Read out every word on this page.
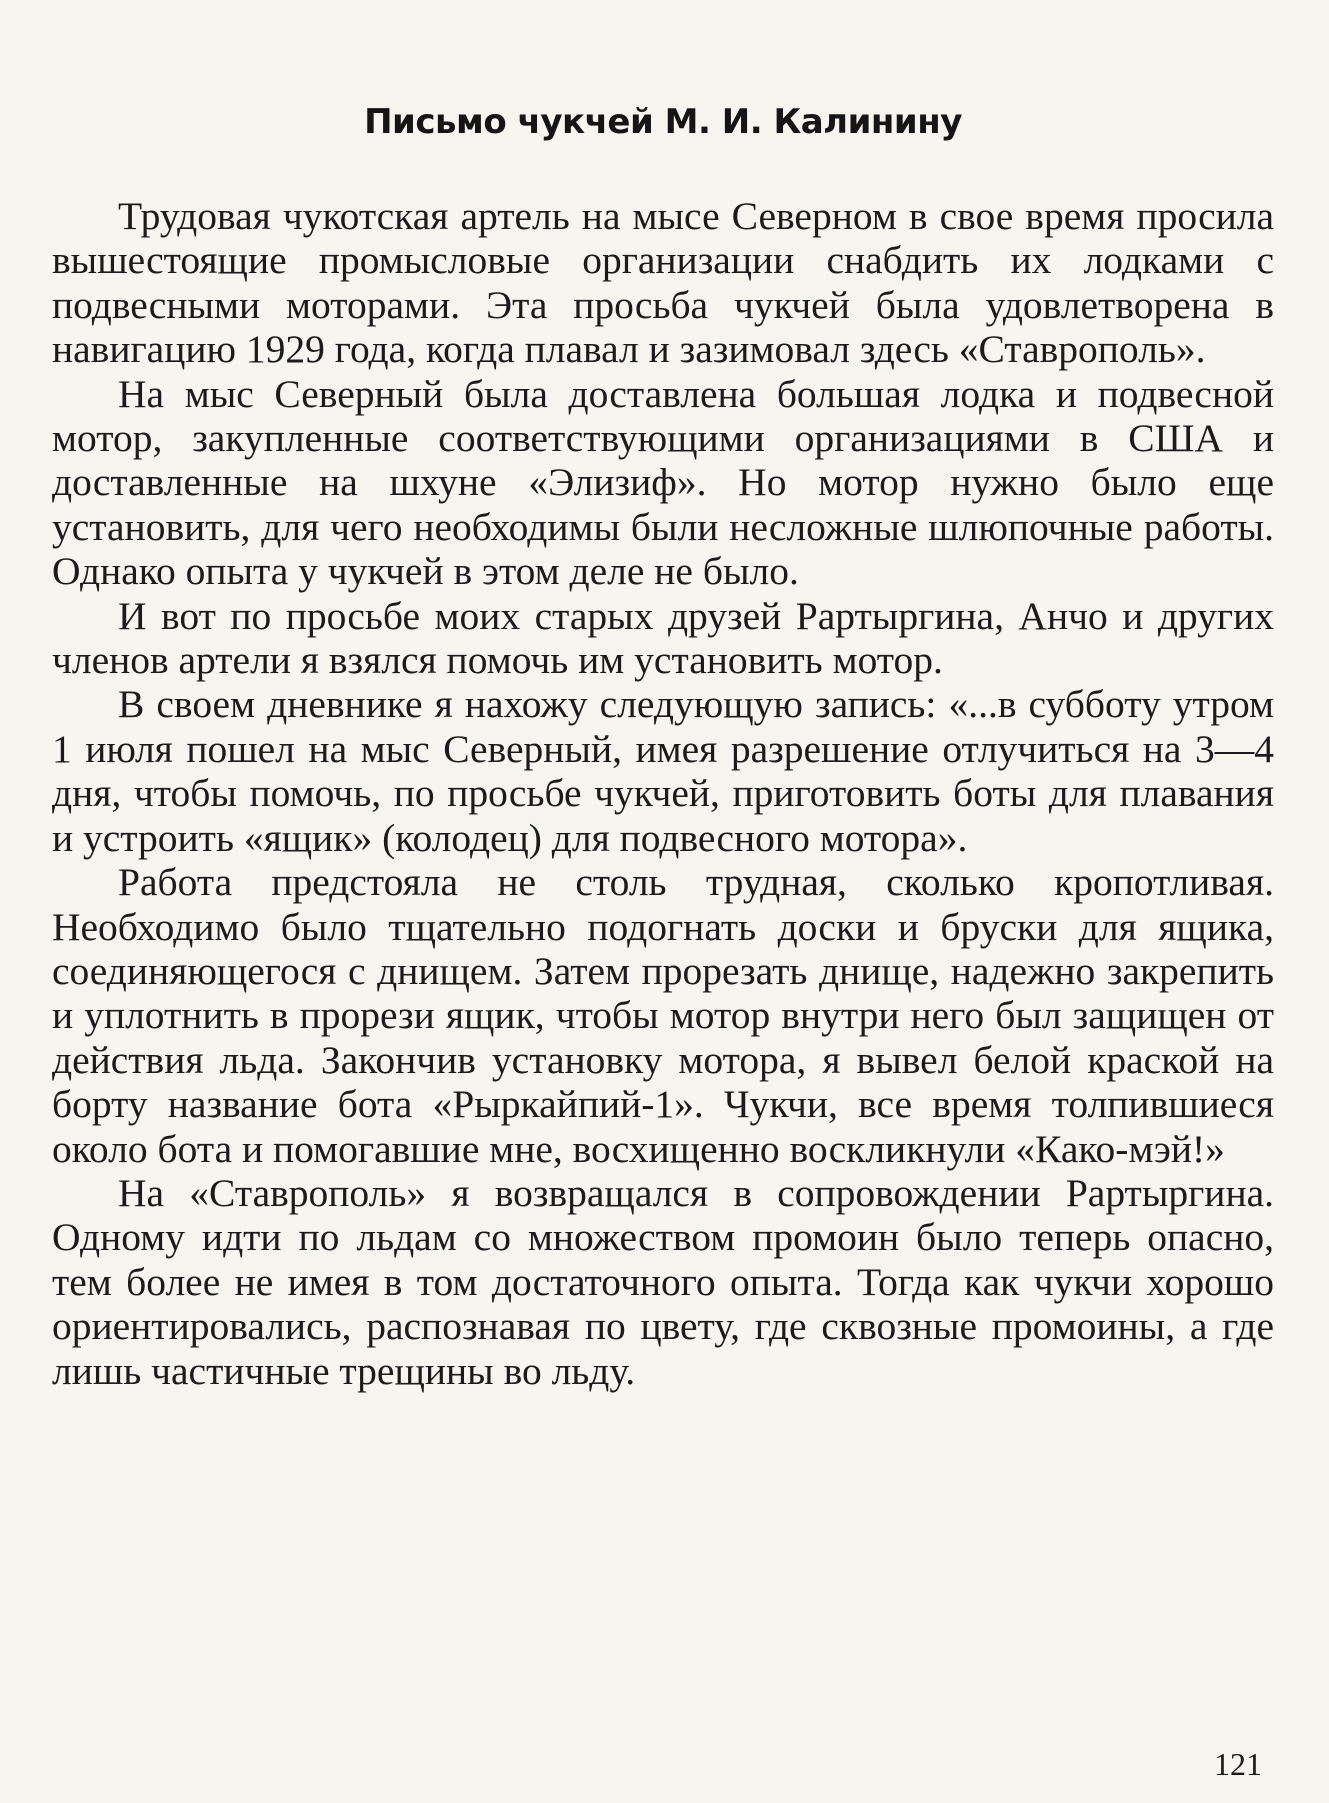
Письмо чукчей М. И. Калинину

Трудовая чукотская артель на мысе Северном в свое время просила вышестоящие промысловые организации снабдить их лодками с подвесными моторами. Эта просьба чукчей была удовлетворена в навигацию 1929 года, когда плавал и зазимовал здесь «Ставрополь».

На мыс Северный была доставлена большая лодка и подвесной мотор, закупленные соответствующими организациями в США и доставленные на шхуне «Элизиф». Но мотор нужно было еще установить, для чего необходимы были несложные шлюпочные работы. Однако опыта у чукчей в этом деле не было.

И вот по просьбе моих старых друзей Рартыргина, Анчо и других членов артели я взялся помочь им установить мотор.

В своем дневнике я нахожу следующую запись: «...в субботу утром 1 июля пошел на мыс Северный, имея разрешение отлучиться на 3—4 дня, чтобы помочь, по просьбе чукчей, приготовить боты для плавания и устроить «ящик» (колодец) для подвесного мотора».

Работа предстояла не столь трудная, сколько кропотливая. Необходимо было тщательно подогнать доски и бруски для ящика, соединяющегося с днищем. Затем прорезать днище, надежно закрепить и уплотнить в прорези ящик, чтобы мотор внутри него был защищен от действия льда. Закончив установку мотора, я вывел белой краской на борту название бота «Рыркайпий-1». Чукчи, все время толпившиеся около бота и помогавшие мне, восхищенно воскликнули «Како-мэй!»

На «Ставрополь» я возвращался в сопровождении Рартыргина. Одному идти по льдам со множеством промоин было теперь опасно, тем более не имея в том достаточного опыта. Тогда как чукчи хорошо ориентировались, распознавая по цвету, где сквозные промоины, а где лишь частичные трещины во льду.

121
